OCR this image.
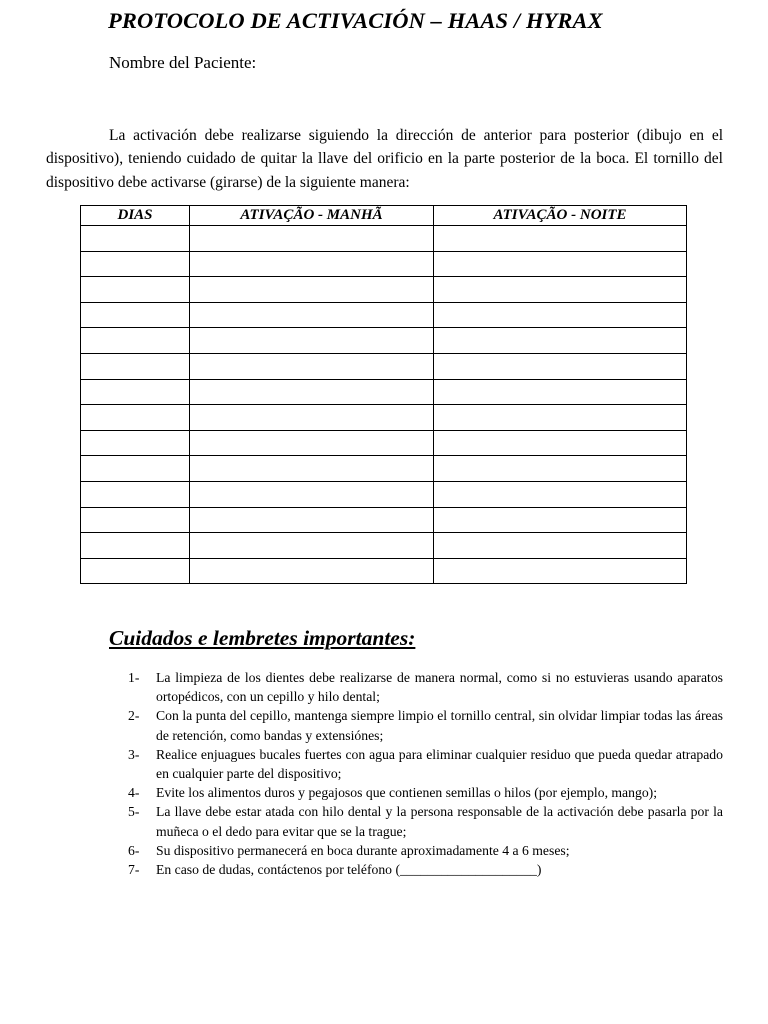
PROTOCOLO DE ACTIVACIÓN – HAAS / HYRAX
Nombre del Paciente:

La activación debe realizarse siguiendo la dirección de anterior para posterior (dibujo en el dispositivo), teniendo cuidado de quitar la llave del orificio en la parte posterior de la boca. El tornillo del dispositivo debe activarse (girarse) de la siguiente manera:

DIAS	ATIVAÇÃO - MANHÃ	ATIVAÇÃO - NOITE

Cuidados e lembretes importantes:
1- La limpieza de los dientes debe realizarse de manera normal, como si no estuvieras usando aparatos ortopédicos, con un cepillo y hilo dental;
2- Con la punta del cepillo, mantenga siempre limpio el tornillo central, sin olvidar limpiar todas las áreas de retención, como bandas y extensiónes;
3- Realice enjuagues bucales fuertes con agua para eliminar cualquier residuo que pueda quedar atrapado en cualquier parte del dispositivo;
4- Evite los alimentos duros y pegajosos que contienen semillas o hilos (por ejemplo, mango);
5- La llave debe estar atada con hilo dental y la persona responsable de la activación debe pasarla por la muñeca o el dedo para evitar que se la trague;
6- Su dispositivo permanecerá en boca durante aproximadamente 4 a 6 meses;
7- En caso de dudas, contáctenos por teléfono (____________________)
